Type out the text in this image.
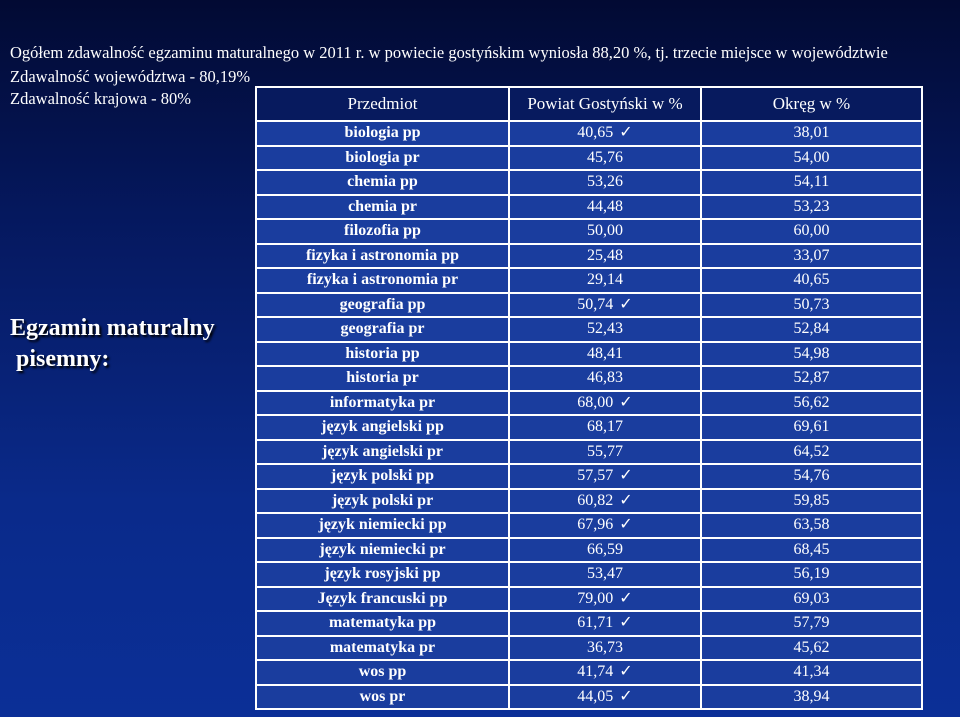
Ogółem zdawalność egzaminu maturalnego w 2011 r. w powiecie gostyńskim wyniosła 88,20 %, tj. trzecie miejsce w województwie
Zdawalność województwa - 80,19%
Zdawalność krajowa - 80%
Egzamin maturalny
pisemny:
Przedmiot	Powiat Gostyński w %	Okręg w %
biologia pp	40,65 ✓	38,01
biologia pr	45,76	54,00
chemia pp	53,26	54,11
chemia pr	44,48	53,23
filozofia pp	50,00	60,00
fizyka i astronomia pp	25,48	33,07
fizyka i astronomia pr	29,14	40,65
geografia pp	50,74 ✓	50,73
geografia pr	52,43	52,84
historia pp	48,41	54,98
historia pr	46,83	52,87
informatyka pr	68,00 ✓	56,62
język angielski pp	68,17	69,61
język angielski pr	55,77	64,52
język polski pp	57,57 ✓	54,76
język polski pr	60,82 ✓	59,85
język niemiecki pp	67,96 ✓	63,58
język niemiecki pr	66,59	68,45
język rosyjski pp	53,47	56,19
Język francuski pp	79,00 ✓	69,03
matematyka pp	61,71 ✓	57,79
matematyka pr	36,73	45,62
wos pp	41,74 ✓	41,34
wos pr	44,05 ✓	38,94
